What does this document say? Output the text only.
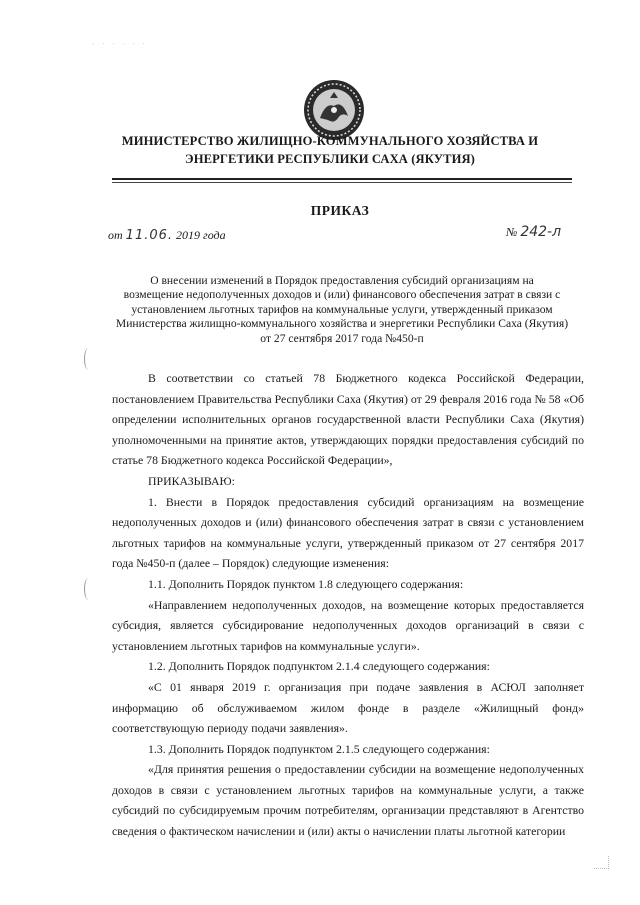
· · · · · ·
МИНИСТЕРСТВО ЖИЛИЩНО-КОММУНАЛЬНОГО ХОЗЯЙСТВА И
ЭНЕРГЕТИКИ РЕСПУБЛИКИ САХА (ЯКУТИЯ)
ПРИКАЗ
от 11.06. 2019 года	№ 242-л
О внесении изменений в Порядок предоставления субсидий организациям на
возмещение недополученных доходов и (или) финансового обеспечения затрат в связи с
установлением льготных тарифов на коммунальные услуги, утвержденный приказом
Министерства жилищно-коммунального хозяйства и энергетики Республики Саха (Якутия)
от 27 сентября 2017 года №450-п

В соответствии со статьей 78 Бюджетного кодекса Российской Федерации, постановлением Правительства Республики Саха (Якутия) от 29 февраля 2016 года № 58 «Об определении исполнительных органов государственной власти Республики Саха (Якутия) уполномоченными на принятие актов, утверждающих порядки предоставления субсидий по статье 78 Бюджетного кодекса Российской Федерации»,

ПРИКАЗЫВАЮ:

1. Внести в Порядок предоставления субсидий организациям на возмещение недополученных доходов и (или) финансового обеспечения затрат в связи с установлением льготных тарифов на коммунальные услуги, утвержденный приказом от 27 сентября 2017 года №450-п (далее – Порядок) следующие изменения:

1.1. Дополнить Порядок пунктом 1.8 следующего содержания:

«Направлением недополученных доходов, на возмещение которых предоставляется субсидия, является субсидирование недополученных доходов организаций в связи с установлением льготных тарифов на коммунальные услуги».

1.2. Дополнить Порядок подпунктом 2.1.4 следующего содержания:

«С 01 января 2019 г. организация при подаче заявления в АСЮЛ заполняет информацию об обслуживаемом жилом фонде в разделе «Жилищный фонд» соответствующую периоду подачи заявления».

1.3. Дополнить Порядок подпунктом 2.1.5 следующего содержания:

«Для принятия решения о предоставлении субсидии на возмещение недополученных доходов в связи с установлением льготных тарифов на коммунальные услуги, а также субсидий по субсидируемым прочим потребителям, организации представляют в Агентство сведения о фактическом начислении и (или) акты о начислении платы льготной категории
